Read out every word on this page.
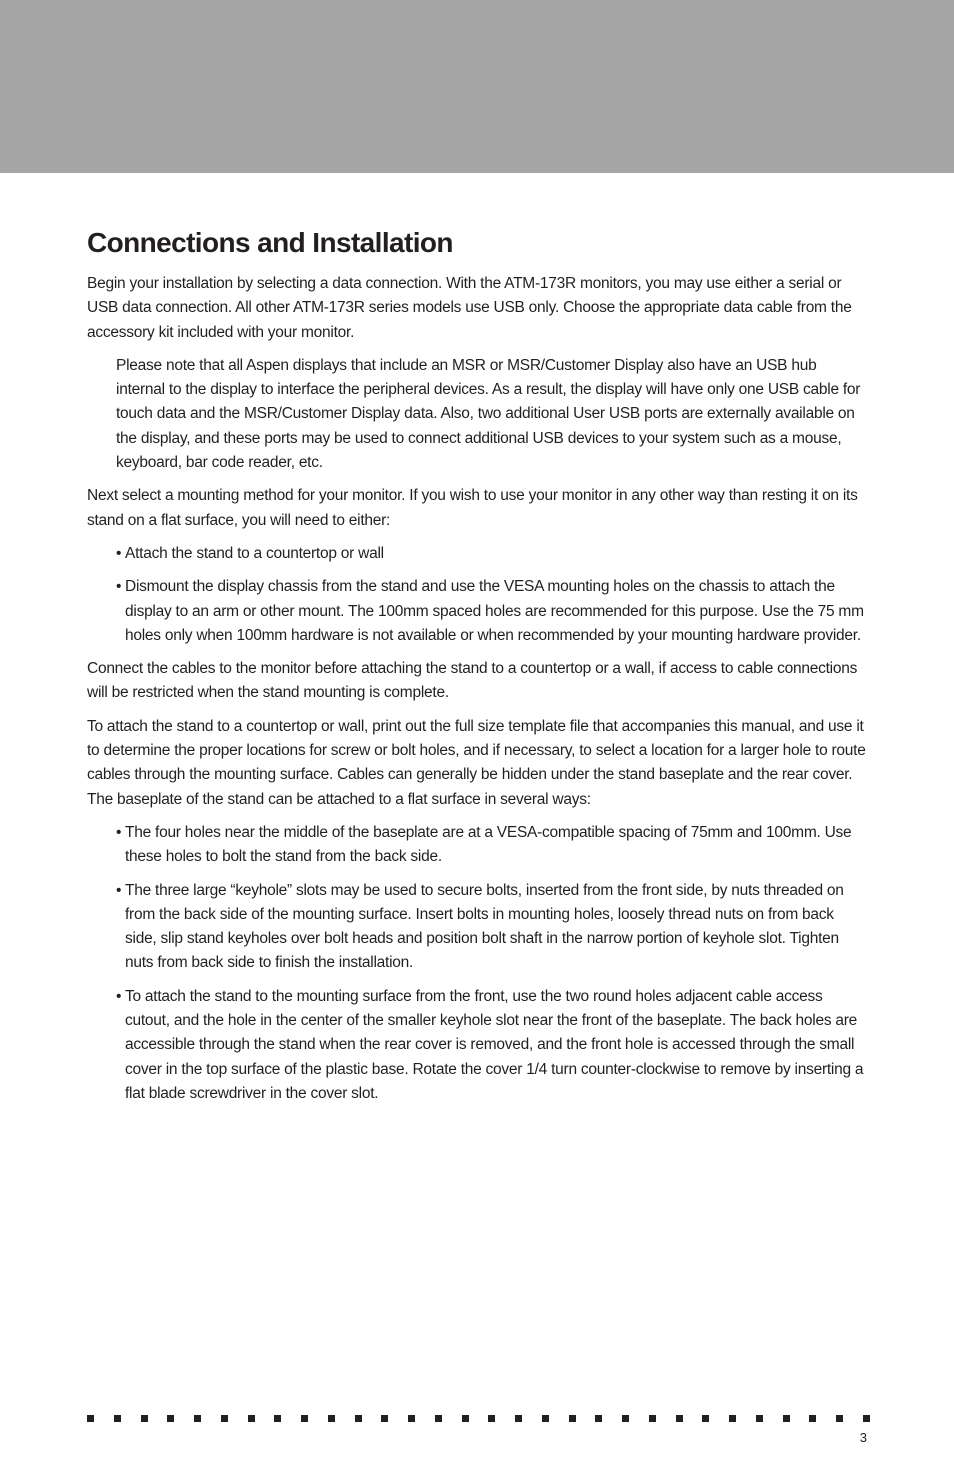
Connections and Installation

Begin your installation by selecting a data connection. With the ATM-173R monitors, you may use either a serial or USB data connection. All other ATM-173R series models use USB only. Choose the appropriate data cable from the accessory kit included with your monitor.

Please note that all Aspen displays that include an MSR or MSR/Customer Display also have an USB hub internal to the display to interface the peripheral devices. As a result, the display will have only one USB cable for touch data and the MSR/Customer Display data. Also, two additional User USB ports are externally available on the display, and these ports may be used to connect additional USB devices to your system such as a mouse, keyboard, bar code reader, etc.

Next select a mounting method for your monitor. If you wish to use your monitor in any other way than resting it on its stand on a flat surface, you will need to either:

• Attach the stand to a countertop or wall

• Dismount the display chassis from the stand and use the VESA mounting holes on the chassis to attach the display to an arm or other mount. The 100mm spaced holes are recommended for this purpose. Use the 75 mm holes only when 100mm hardware is not available or when recommended by your mounting hardware provider.

Connect the cables to the monitor before attaching the stand to a countertop or a wall, if access to cable connections will be restricted when the stand mounting is complete.

To attach the stand to a countertop or wall, print out the full size template file that accompanies this manual, and use it to determine the proper locations for screw or bolt holes, and if necessary, to select a location for a larger hole to route cables through the mounting surface. Cables can generally be hidden under the stand baseplate and the rear cover. The baseplate of the stand can be attached to a flat surface in several ways:

• The four holes near the middle of the baseplate are at a VESA-compatible spacing of 75mm and 100mm. Use these holes to bolt the stand from the back side.

• The three large “keyhole” slots may be used to secure bolts, inserted from the front side, by nuts threaded on from the back side of the mounting surface. Insert bolts in mounting holes, loosely thread nuts on from back side, slip stand keyholes over bolt heads and position bolt shaft in the narrow portion of keyhole slot. Tighten nuts from back side to finish the installation.

• To attach the stand to the mounting surface from the front, use the two round holes adjacent cable access cutout, and the hole in the center of the smaller keyhole slot near the front of the baseplate. The back holes are accessible through the stand when the rear cover is removed, and the front hole is accessed through the small cover in the top surface of the plastic base. Rotate the cover 1/4 turn counter-clockwise to remove by inserting a flat blade screwdriver in the cover slot.

3
